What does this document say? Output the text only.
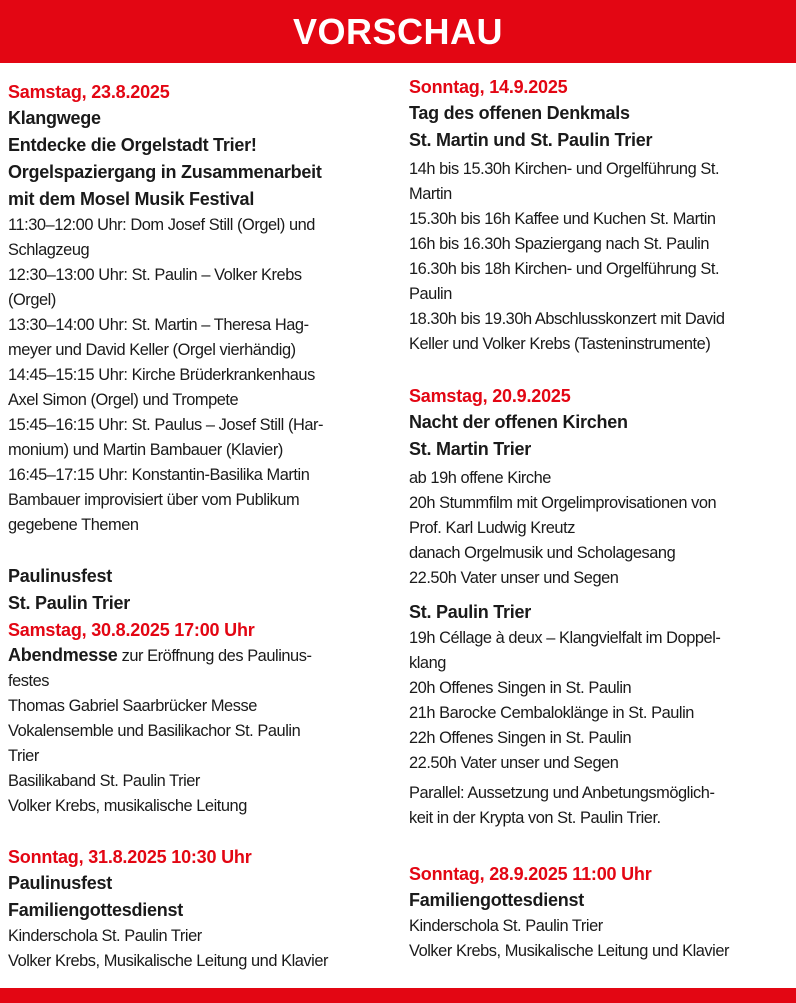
VORSCHAU
Samstag, 23.8.2025
Klangwege
Entdecke die Orgelstadt Trier!
Orgelspaziergang in Zusammenarbeit
mit dem Mosel Musik Festival
11:30–12:00 Uhr: Dom Josef Still (Orgel) und
Schlagzeug
12:30–13:00 Uhr: St. Paulin – Volker Krebs
(Orgel)
13:30–14:00 Uhr: St. Martin – Theresa Hag-
meyer und David Keller (Orgel vierhändig)
14:45–15:15 Uhr: Kirche Brüderkrankenhaus
Axel Simon (Orgel) und Trompete
15:45–16:15 Uhr: St. Paulus – Josef Still (Har-
monium) und Martin Bambauer (Klavier)
16:45–17:15 Uhr: Konstantin-Basilika Martin
Bambauer improvisiert über vom Publikum
gegebene Themen
Paulinusfest
St. Paulin Trier
Samstag, 30.8.2025 17:00 Uhr
Abendmesse zur Eröffnung des Paulinus-
festes
Thomas Gabriel Saarbrücker Messe
Vokalensemble und Basilikachor St. Paulin
Trier
Basilikaband St. Paulin Trier
Volker Krebs, musikalische Leitung
Sonntag, 31.8.2025 10:30 Uhr
Paulinusfest
Familiengottesdienst
Kinderschola St. Paulin Trier
Volker Krebs, Musikalische Leitung und Klavier
Sonntag, 14.9.2025
Tag des offenen Denkmals
St. Martin und St. Paulin Trier
14h bis 15.30h Kirchen- und Orgelführung St.
Martin
15.30h bis 16h Kaffee und Kuchen St. Martin
16h bis 16.30h Spaziergang nach St. Paulin
16.30h bis 18h Kirchen- und Orgelführung St.
Paulin
18.30h bis 19.30h Abschlusskonzert mit David
Keller und Volker Krebs (Tasteninstrumente)
Samstag, 20.9.2025
Nacht der offenen Kirchen
St. Martin Trier
ab 19h offene Kirche
20h Stummfilm mit Orgelimprovisationen von
Prof. Karl Ludwig Kreutz
danach Orgelmusik und Scholagesang
22.50h Vater unser und Segen
St. Paulin Trier
19h Céllage à deux – Klangvielfalt im Doppel-
klang
20h Offenes Singen in St. Paulin
21h Barocke Cembaloklänge in St. Paulin
22h Offenes Singen in St. Paulin
22.50h Vater unser und Segen
Parallel: Aussetzung und Anbetungsmöglich-
keit in der Krypta von St. Paulin Trier.
Sonntag, 28.9.2025 11:00 Uhr
Familiengottesdienst
Kinderschola St. Paulin Trier
Volker Krebs, Musikalische Leitung und Klavier
